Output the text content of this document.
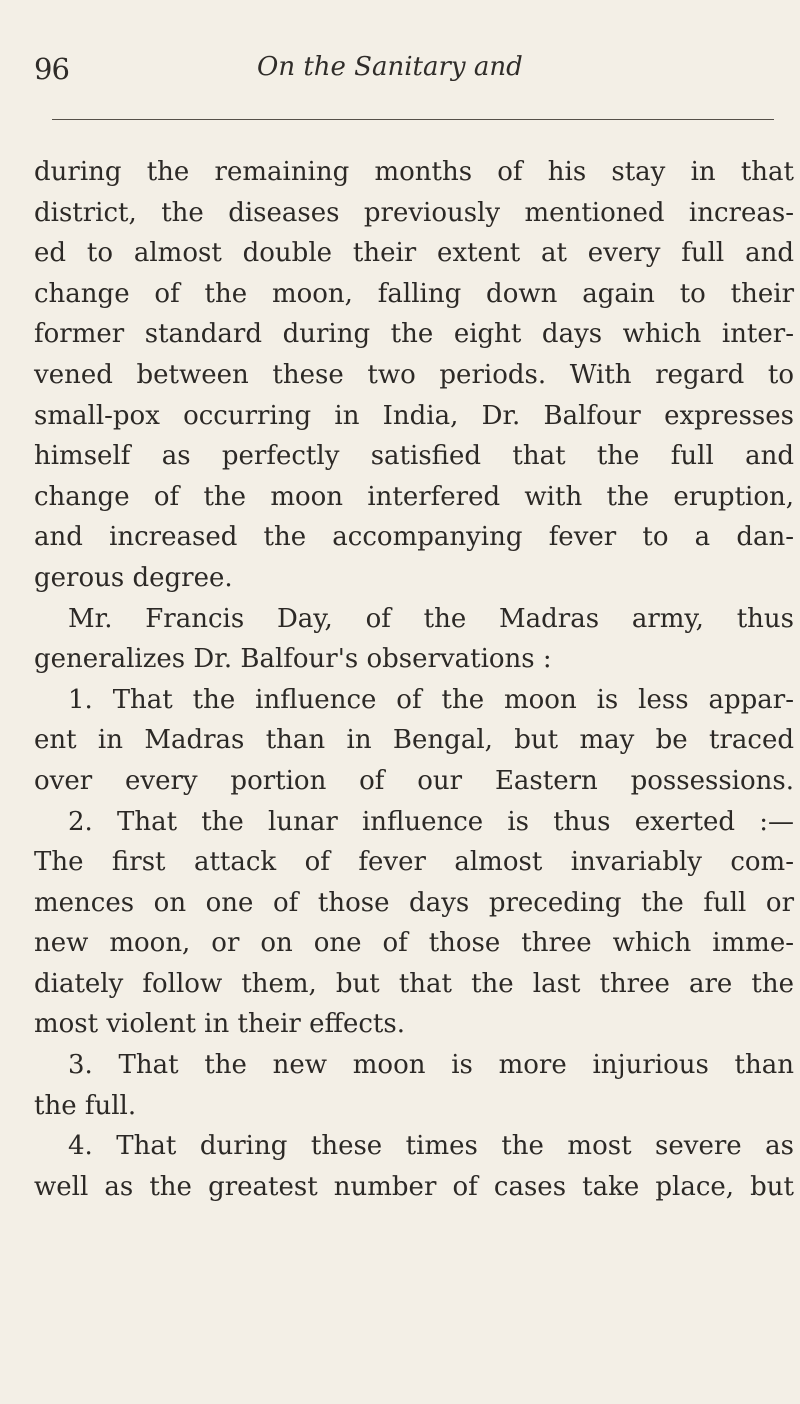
96	On the Sanitary and
during the remaining months of his stay in that
district, the diseases previously mentioned increas-
ed to almost double their extent at every full and
change of the moon, falling down again to their
former standard during the eight days which inter-
vened between these two periods. With regard to
small-pox occurring in India, Dr. Balfour expresses
himself as perfectly satisfied that the full and
change of the moon interfered with the eruption,
and increased the accompanying fever to a dan-
gerous degree.
Mr. Francis Day, of the Madras army, thus
generalizes Dr. Balfour's observations :
1. That the influence of the moon is less appar-
ent in Madras than in Bengal, but may be traced
over every portion of our Eastern possessions.
2. That the lunar influence is thus exerted :—
The first attack of fever almost invariably com-
mences on one of those days preceding the full or
new moon, or on one of those three which imme-
diately follow them, but that the last three are the
most violent in their effects.
3. That the new moon is more injurious than
the full.
4. That during these times the most severe as
well as the greatest number of cases take place, but
